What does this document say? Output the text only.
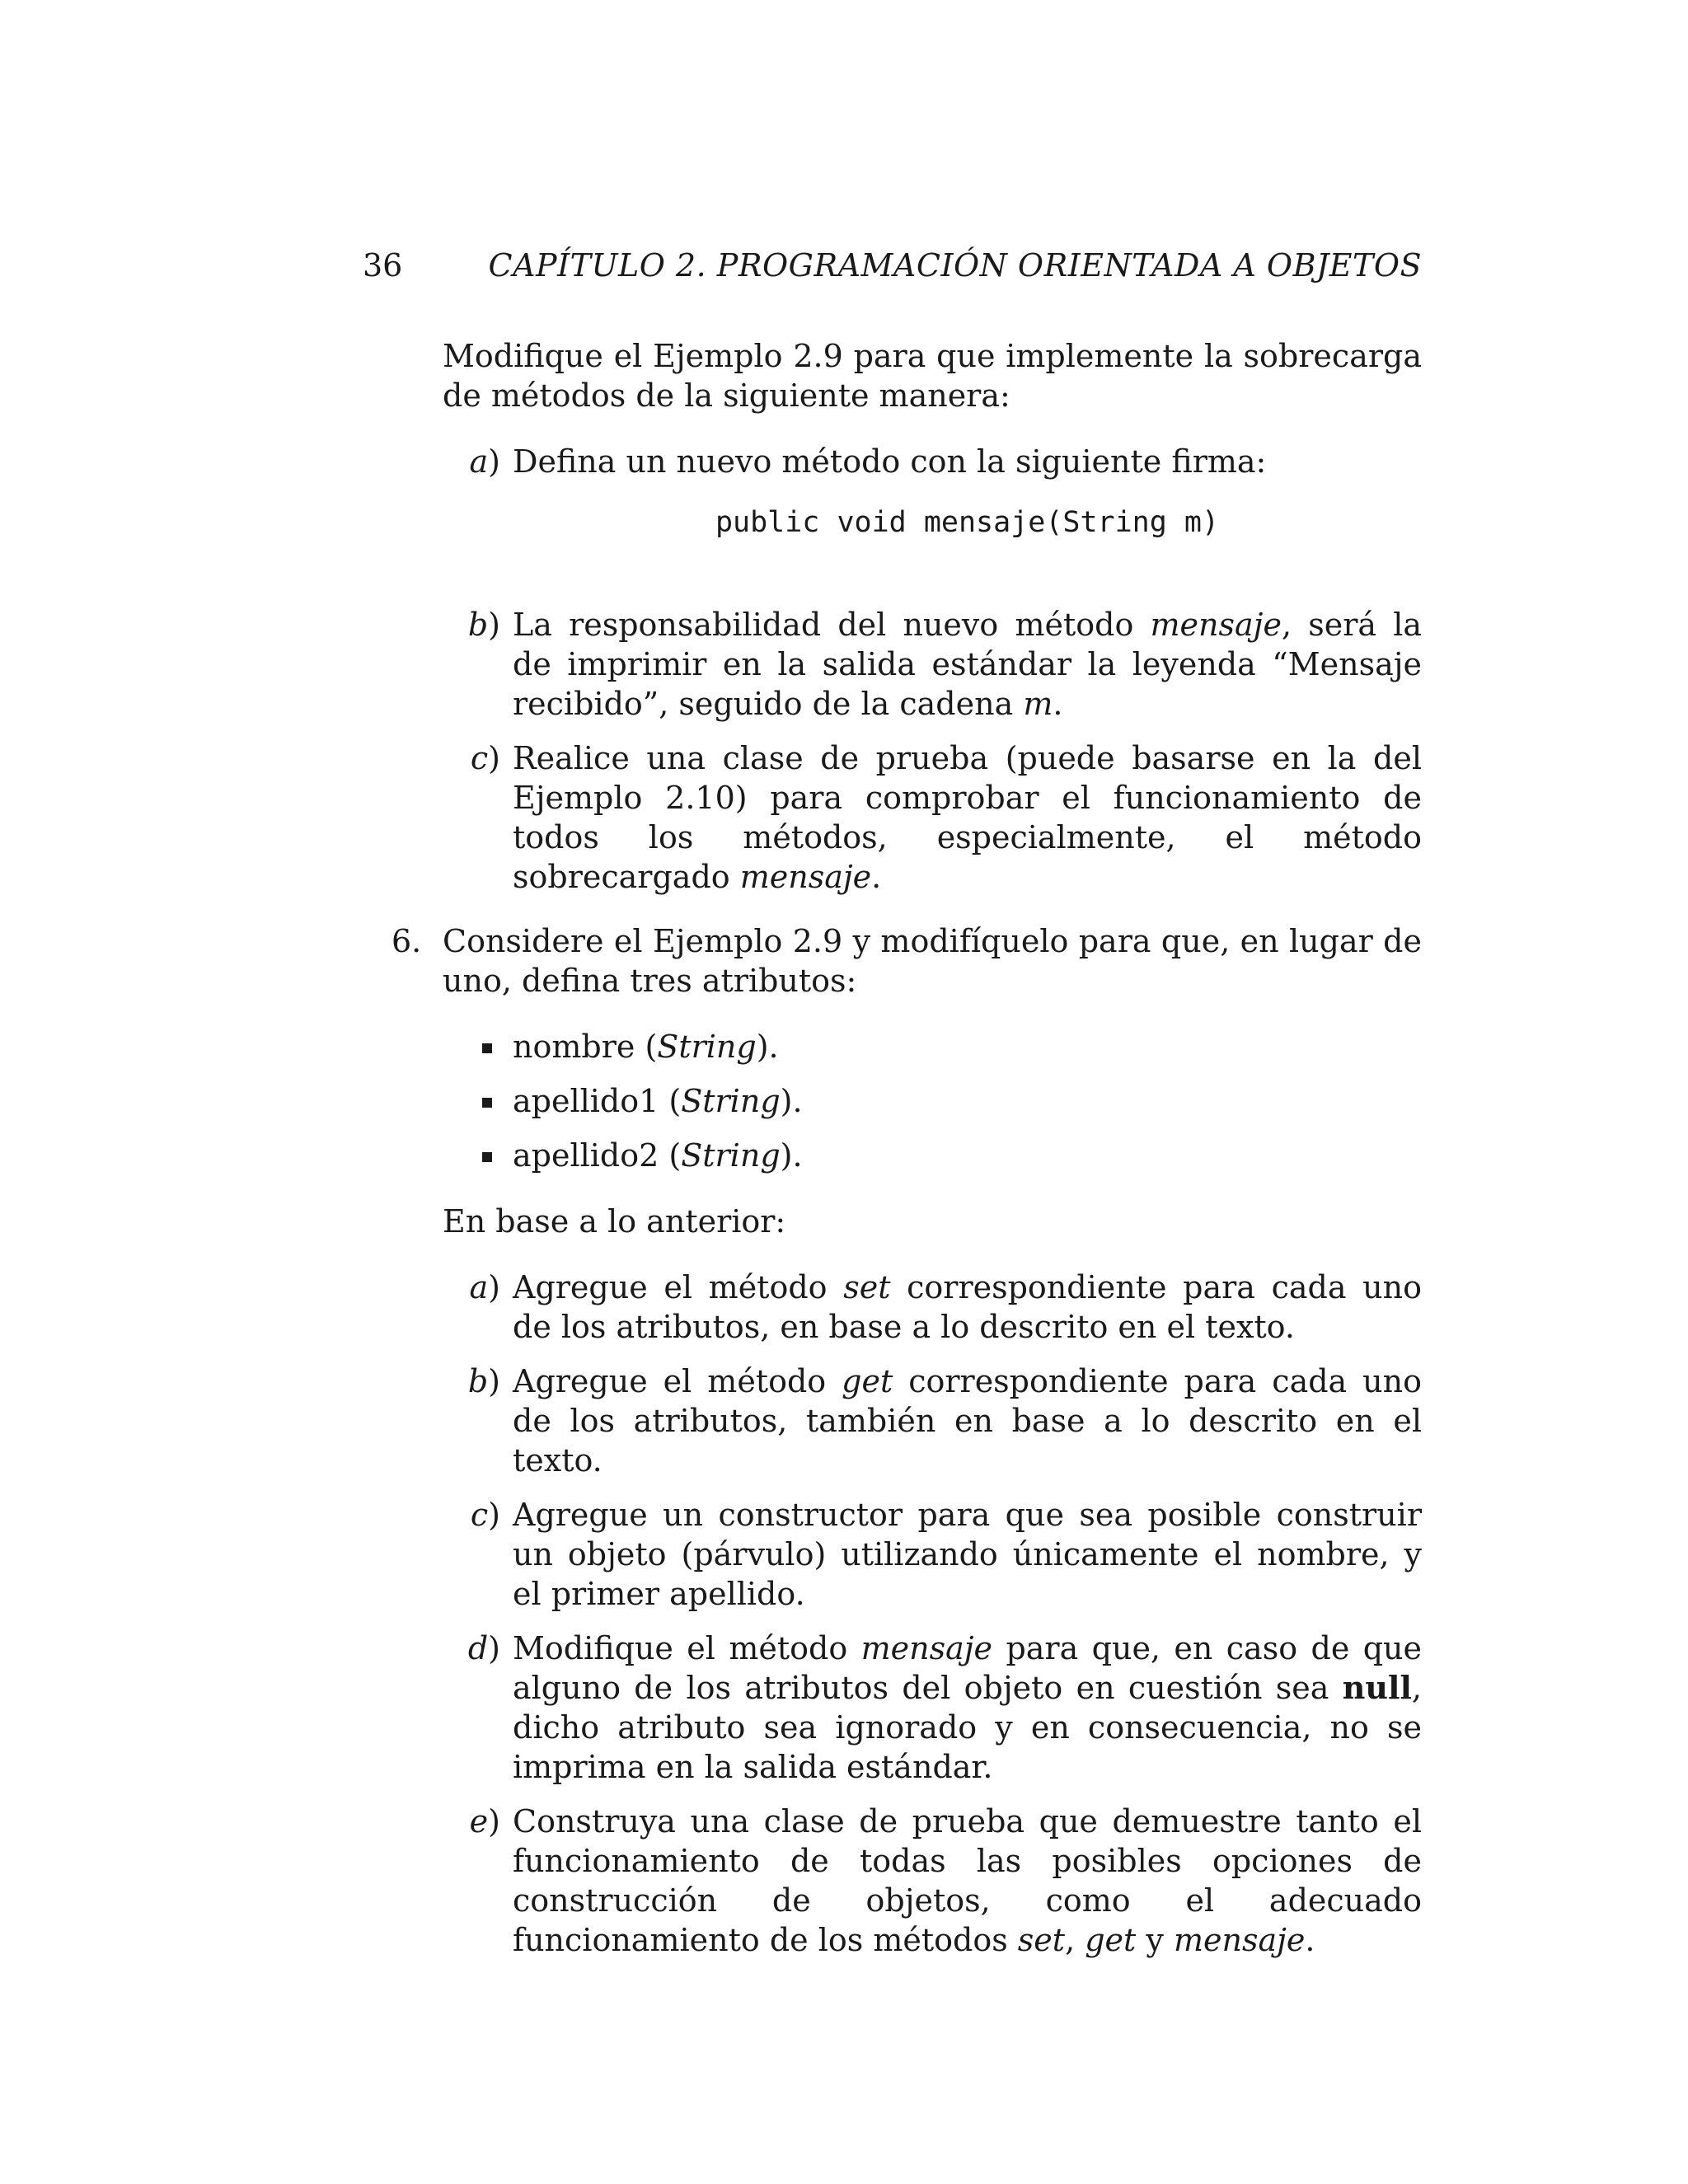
36	CAPÍTULO 2. PROGRAMACIÓN ORIENTADA A OBJETOS

Modifique el Ejemplo 2.9 para que implemente la sobrecarga de métodos de la siguiente manera:

a) Defina un nuevo método con la siguiente firma:
public void mensaje(String m)
b) La responsabilidad del nuevo método mensaje, será la de imprimir en la salida estándar la leyenda “Mensaje recibido”, seguido de la cadena m.
c) Realice una clase de prueba (puede basarse en la del Ejemplo 2.10) para comprobar el funcionamiento de todos los métodos, especialmente, el método sobrecargado mensaje.
6. Considere el Ejemplo 2.9 y modifíquelo para que, en lugar de uno, defina tres atributos:

nombre (String).
apellido1 (String).
apellido2 (String).

En base a lo anterior:

a) Agregue el método set correspondiente para cada uno de los atributos, en base a lo descrito en el texto.
b) Agregue el método get correspondiente para cada uno de los atributos, también en base a lo descrito en el texto.
c) Agregue un constructor para que sea posible construir un objeto (párvulo) utilizando únicamente el nombre, y el primer apellido.
d) Modifique el método mensaje para que, en caso de que alguno de los atributos del objeto en cuestión sea null, dicho atributo sea ignorado y en consecuencia, no se imprima en la salida estándar.
e) Construya una clase de prueba que demuestre tanto el funcionamiento de todas las posibles opciones de construcción de objetos, como el adecuado funcionamiento de los métodos set, get y mensaje.
